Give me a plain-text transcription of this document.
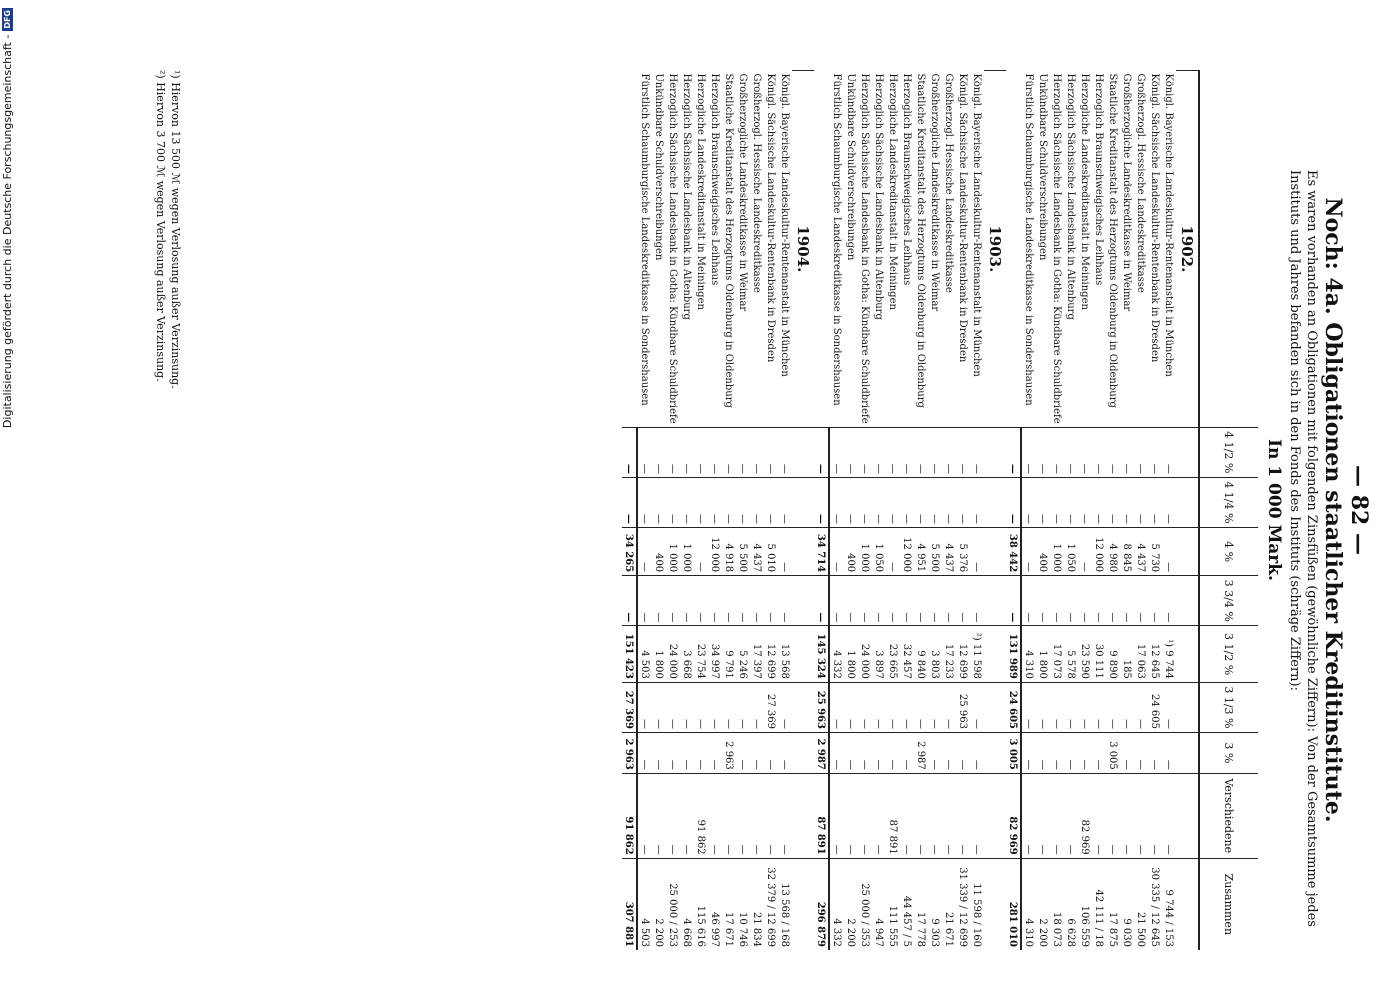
— 82 —
Noch: 4a. Obligationen staatlicher Kreditinstitute.
Es waren vorhanden an Obligationen mit folgenden Zinsfüßen (gewöhnliche Ziffern): Von der Gesamtsumme jedes Instituts und Jahres befanden sich in den Fonds des Instituts (schräge Ziffern):
In 1 000 Mark.
	4 1/2 %	4 1/4 %	4 %	3 3/4 %	3 1/2 %	3 1/3 %	3 %	Verschiedene	Zusammen
1902.									
Königl. Bayerische Landeskultur-Rentenanstalt in München	—	—	—	—	¹) 9 744	—	—	—	9 744 / 153
Königl. Sächsische Landeskultur-Rentenbank in Dresden	—	—	5 730	—	12 645	24 605	—	—	30 335 / 12 645
Großherzogl. Hessische Landeskreditkasse	—	—	4 437	—	17 063	—	—	—	21 500
Großherzogliche Landeskreditkasse in Weimar	—	—	8 845	—	185	—	—	—	9 030
Staatliche Kreditanstalt des Herzogtums Oldenburg in Oldenburg	—	—	4 980	—	9 890	—	3 005	—	17 875
Herzoglich Braunschweigisches Leihhaus	—	—	12 000	—	30 111	—	—	—	42 111 / 18
Herzogliche Landeskreditanstalt in Meiningen	—	—	—	—	23 590	—	—	82 969	106 559
Herzoglich Sächsische Landesbank in Altenburg	—	—	1 050	—	5 578	—	—	—	6 628
Herzoglich Sächsische Landesbank in Gotha: Kündbare Schuldbriefe	—	—	1 000	—	17 073	—	—	—	18 073
Unkündbare Schuldverschreibungen	—	—	400	—	1 800	—	—	—	2 200
Fürstlich Schaumburgische Landeskreditkasse in Sondershausen	—	—	—	—	4 310	—	—	—	4 310
	—	—	38 442	—	131 989	24 605	3 005	82 969	281 010
1903.									
Königl. Bayerische Landeskultur-Rentenanstalt in München	—	—	—	—	²) 11 598	—	—	—	11 598 / 160
Königl. Sächsische Landeskultur-Rentenbank in Dresden	—	—	5 376	—	12 699	25 963	—	—	31 339 / 12 699
Großherzogl. Hessische Landeskreditkasse	—	—	4 437	—	17 233	—	—	—	21 671
Großherzogliche Landeskreditkasse in Weimar	—	—	5 500	—	3 803	—	—	—	9 303
Staatliche Kreditanstalt des Herzogtums Oldenburg in Oldenburg	—	—	4 951	—	9 840	—	2 987	—	17 778
Herzoglich Braunschweigisches Leihhaus	—	—	12 000	—	32 457	—	—	—	44 457 / 5
Herzogliche Landeskreditanstalt in Meiningen	—	—	—	—	23 665	—	—	87 891	111 555
Herzoglich Sächsische Landesbank in Altenburg	—	—	1 050	—	3 897	—	—	—	4 947
Herzoglich Sächsische Landesbank in Gotha: Kündbare Schuldbriefe	—	—	1 000	—	24 000	—	—	—	25 000 / 353
Unkündbare Schuldverschreibungen	—	—	400	—	1 800	—	—	—	2 200
Fürstlich Schaumburgische Landeskreditkasse in Sondershausen	—	—	—	—	4 332	—	—	—	4 332
	—	—	34 714	—	145 324	25 963	2 987	87 891	296 879
1904.									
Königl. Bayerische Landeskultur-Rentenanstalt in München	—	—	—	—	13 568	—	—	—	13 568 / 168
Königl. Sächsische Landeskultur-Rentenbank in Dresden	—	—	5 010	—	12 699	27 369	—	—	32 379 / 12 699
Großherzogl. Hessische Landeskreditkasse	—	—	4 437	—	17 397	—	—	—	21 834
Großherzogliche Landeskreditkasse in Weimar	—	—	5 500	—	5 246	—	—	—	10 746
Staatliche Kreditanstalt des Herzogtums Oldenburg in Oldenburg	—	—	4 918	—	9 791	—	2 963	—	17 671
Herzoglich Braunschweigisches Leihhaus	—	—	12 000	—	34 997	—	—	—	46 997
Herzogliche Landeskreditanstalt in Meiningen	—	—	—	—	23 754	—	—	91 862	115 616
Herzoglich Sächsische Landesbank in Altenburg	—	—	1 000	—	3 668	—	—	—	4 668
Herzoglich Sächsische Landesbank in Gotha: Kündbare Schuldbriefe	—	—	1 000	—	24 000	—	—	—	25 000 / 253
Unkündbare Schuldverschreibungen	—	—	400	—	1 800	—	—	—	2 200
Fürstlich Schaumburgische Landeskreditkasse in Sondershausen	—	—	—	—	4 503	—	—	—	4 503
	—	—	34 265	—	151 423	27 369	2 963	91 862	307 881
¹) Hiervon 13 500 ℳ wegen Verlosung außer Verzinsung.
²) Hiervon 3 700 ℳ wegen Verlosung außer Verzinsung.
Digitalisierung gefördert durch die Deutsche Forschungsgemeinschaft -
DFG
